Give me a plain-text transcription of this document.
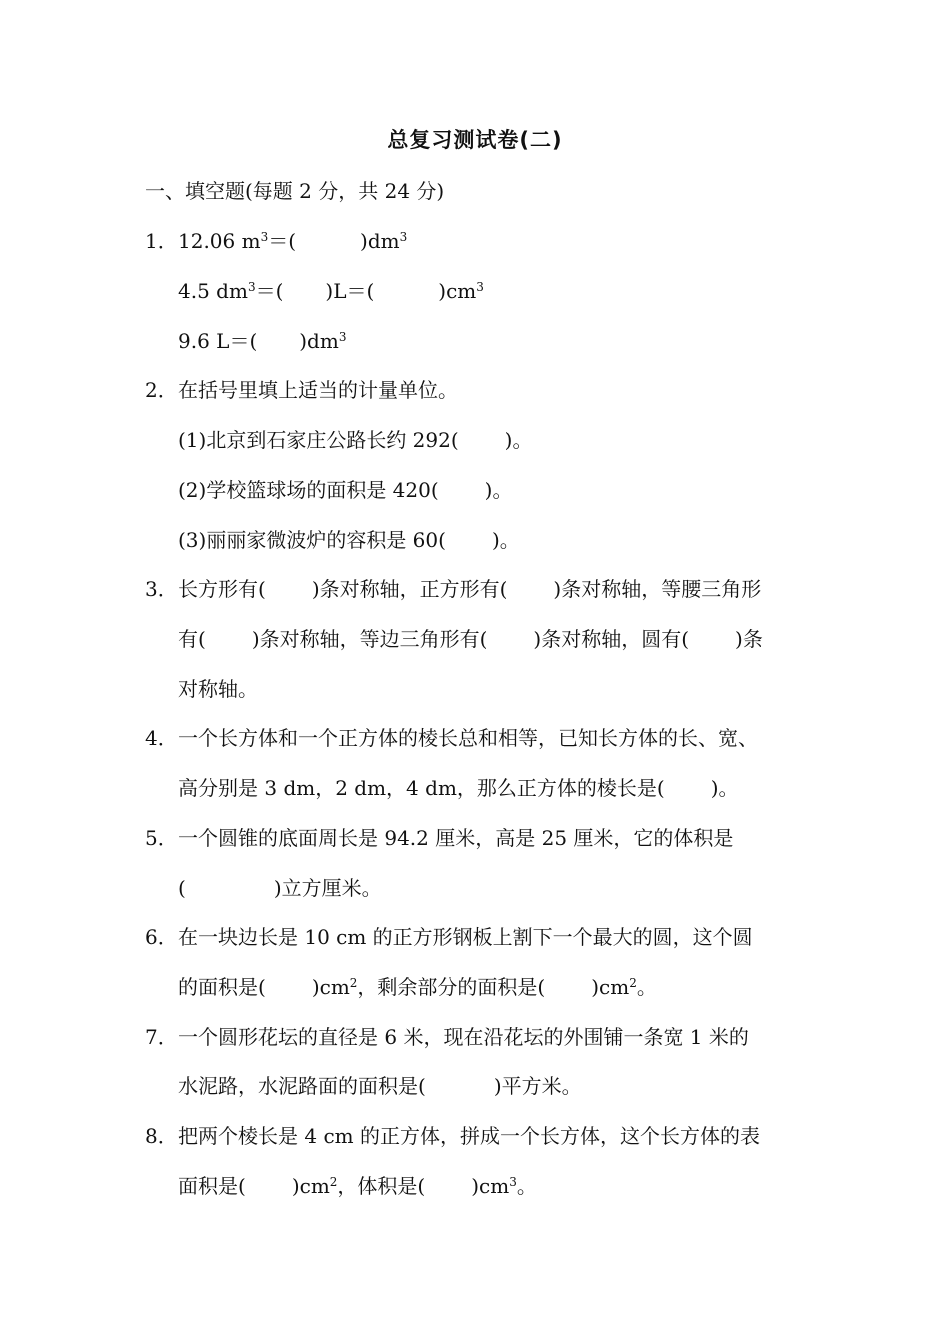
总复习测试卷(二)
一、填空题(每题 2 分，共 24 分)
1．12.06 $m^3=$(	)$dm^3$
4.5 $dm^3=$( )L＝(	)$cm^3$
9.6 L＝( )$dm^3$
2．在括号里填上适当的计量单位。
(1)北京到石家庄公路长约 292( )。
(2)学校篮球场的面积是 420( )。
(3)丽丽家微波炉的容积是 60( )。
3．长方形有( )条对称轴，正方形有( )条对称轴，等腰三角形
有( )条对称轴，等边三角形有( )条对称轴，圆有( )条
对称轴。
4．一个长方体和一个正方体的棱长总和相等，已知长方体的长、宽、
高分别是 3 dm，2 dm，4 dm，那么正方体的棱长是( )。
5．一个圆锥的底面周长是 94.2 厘米，高是 25 厘米，它的体积是
(	)立方厘米。
6．在一块边长是 10 cm 的正方形钢板上割下一个最大的圆，这个圆
的面积是( )$cm^2$，剩余部分的面积是( )$cm^2$。
7．一个圆形花坛的直径是 6 米，现在沿花坛的外围铺一条宽 1 米的
水泥路，水泥路面的面积是(	)平方米。
8．把两个棱长是 4 cm 的正方体，拼成一个长方体，这个长方体的表
面积是( )$cm^2$，体积是( )$cm^3$。
